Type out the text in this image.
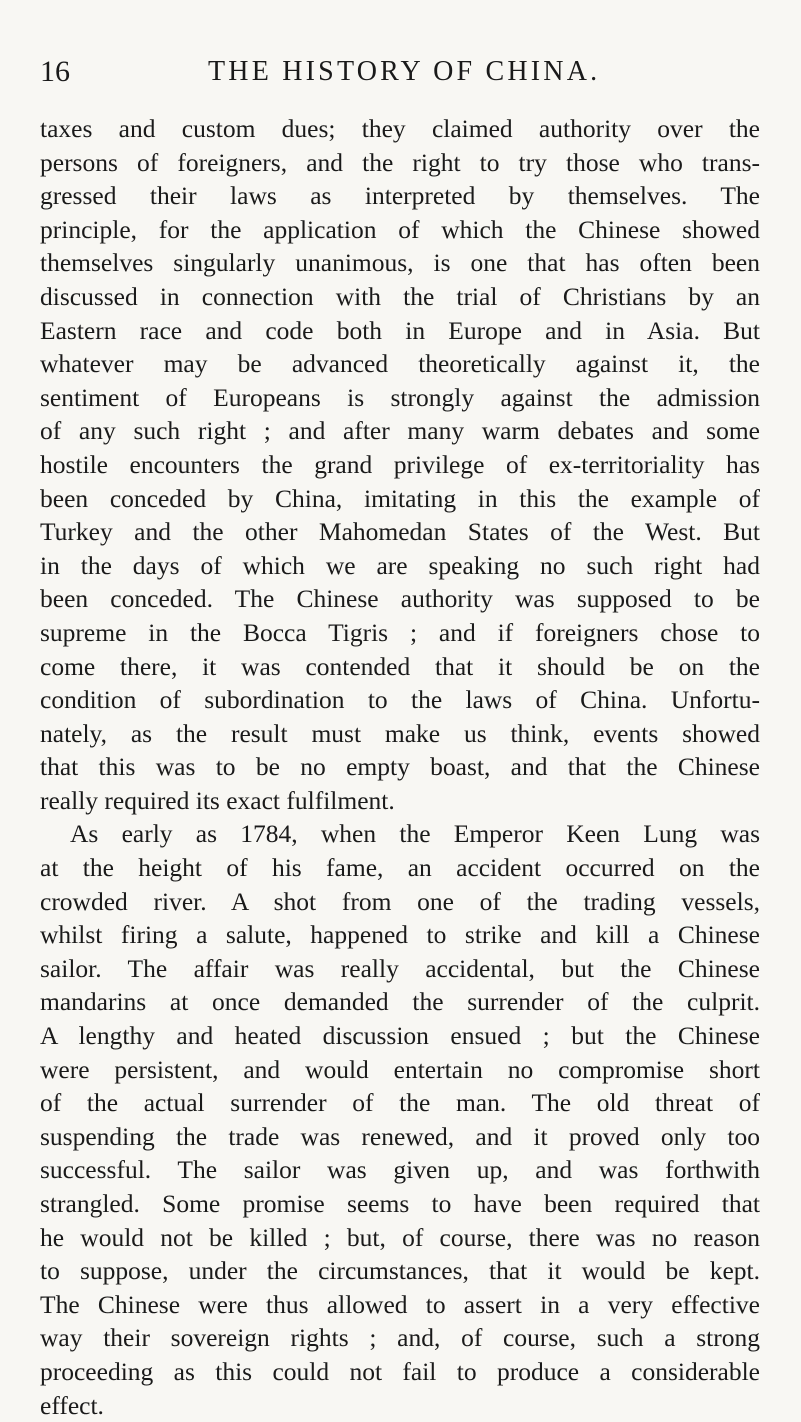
16	THE HISTORY OF CHINA.
taxes and custom dues; they claimed authority over the
persons of foreigners, and the right to try those who trans-
gressed their laws as interpreted by themselves. The
principle, for the application of which the Chinese showed
themselves singularly unanimous, is one that has often been
discussed in connection with the trial of Christians by an
Eastern race and code both in Europe and in Asia. But
whatever may be advanced theoretically against it, the
sentiment of Europeans is strongly against the admission
of any such right ; and after many warm debates and some
hostile encounters the grand privilege of ex-territoriality has
been conceded by China, imitating in this the example of
Turkey and the other Mahomedan States of the West. But
in the days of which we are speaking no such right had
been conceded. The Chinese authority was supposed to be
supreme in the Bocca Tigris ; and if foreigners chose to
come there, it was contended that it should be on the
condition of subordination to the laws of China. Unfortu-
nately, as the result must make us think, events showed
that this was to be no empty boast, and that the Chinese
really required its exact fulfilment.
As early as 1784, when the Emperor Keen Lung was
at the height of his fame, an accident occurred on the
crowded river. A shot from one of the trading vessels,
whilst firing a salute, happened to strike and kill a Chinese
sailor. The affair was really accidental, but the Chinese
mandarins at once demanded the surrender of the culprit.
A lengthy and heated discussion ensued ; but the Chinese
were persistent, and would entertain no compromise short
of the actual surrender of the man. The old threat of
suspending the trade was renewed, and it proved only too
successful. The sailor was given up, and was forthwith
strangled. Some promise seems to have been required that
he would not be killed ; but, of course, there was no reason
to suppose, under the circumstances, that it would be kept.
The Chinese were thus allowed to assert in a very effective
way their sovereign rights ; and, of course, such a strong
proceeding as this could not fail to produce a considerable
effect.
